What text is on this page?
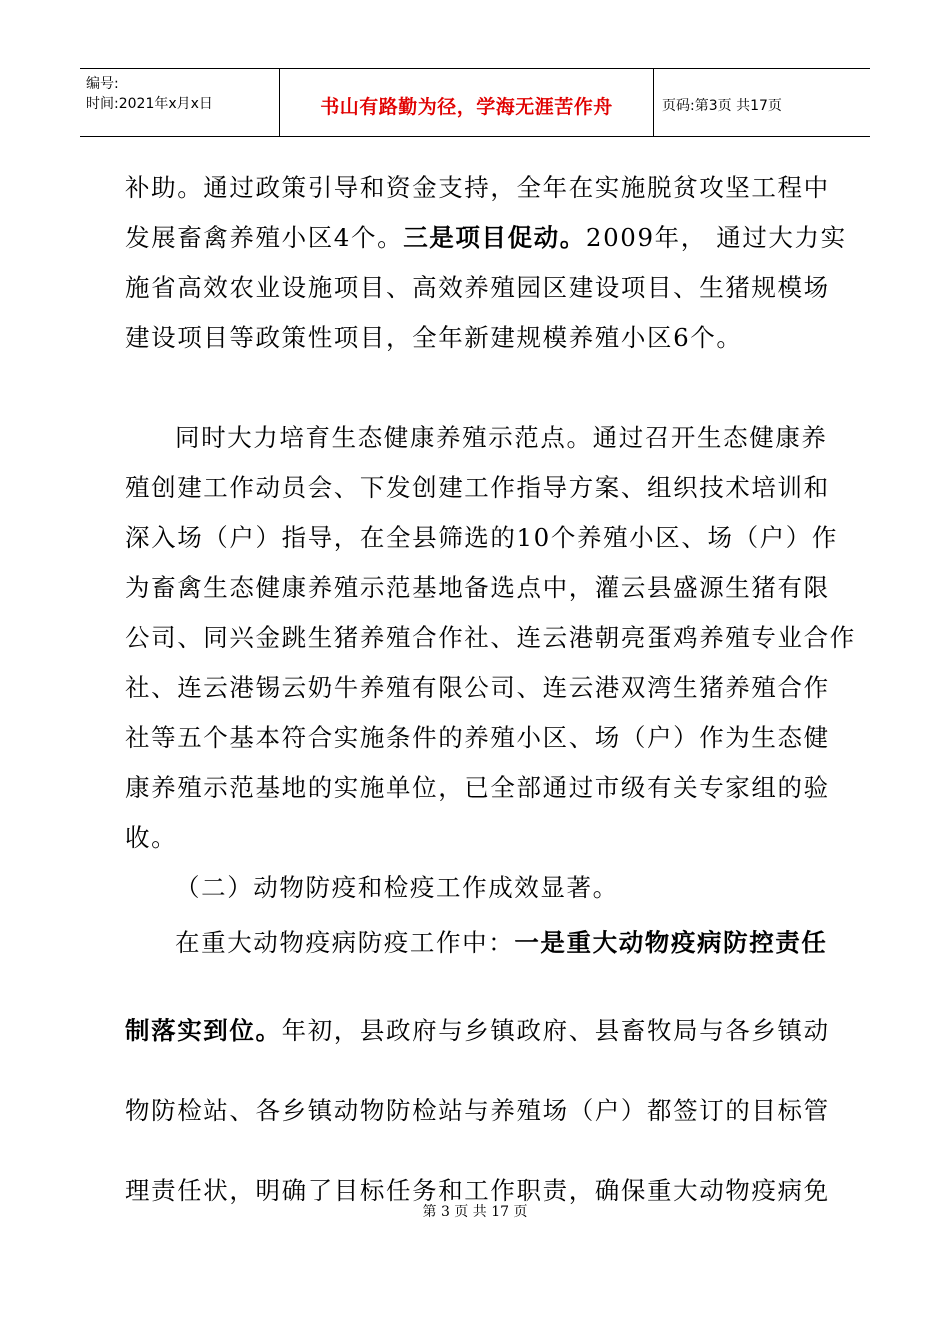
编号:
时间:2021年x月x日	书山有路勤为径，学海无涯苦作舟	页码:第3页 共17页
补助。通过政策引导和资金支持，全年在实施脱贫攻坚工程中
发展畜禽养殖小区4个。三是项目促动。2009年， 通过大力实
施省高效农业设施项目、高效养殖园区建设项目、生猪规模场
建设项目等政策性项目，全年新建规模养殖小区6个。
同时大力培育生态健康养殖示范点。通过召开生态健康养
殖创建工作动员会、下发创建工作指导方案、组织技术培训和
深入场（户）指导，在全县筛选的10个养殖小区、场（户）作
为畜禽生态健康养殖示范基地备选点中，灌云县盛源生猪有限
公司、同兴金跳生猪养殖合作社、连云港朝亮蛋鸡养殖专业合作
社、连云港锡云奶牛养殖有限公司、连云港双湾生猪养殖合作
社等五个基本符合实施条件的养殖小区、场（户）作为生态健
康养殖示范基地的实施单位，已全部通过市级有关专家组的验
收。
（二）动物防疫和检疫工作成效显著。
在重大动物疫病防疫工作中：一是重大动物疫病防控责任
制落实到位。年初，县政府与乡镇政府、县畜牧局与各乡镇动
物防检站、各乡镇动物防检站与养殖场（户）都签订的目标管
理责任状，明确了目标任务和工作职责，确保重大动物疫病免
第 3 页 共 17 页
